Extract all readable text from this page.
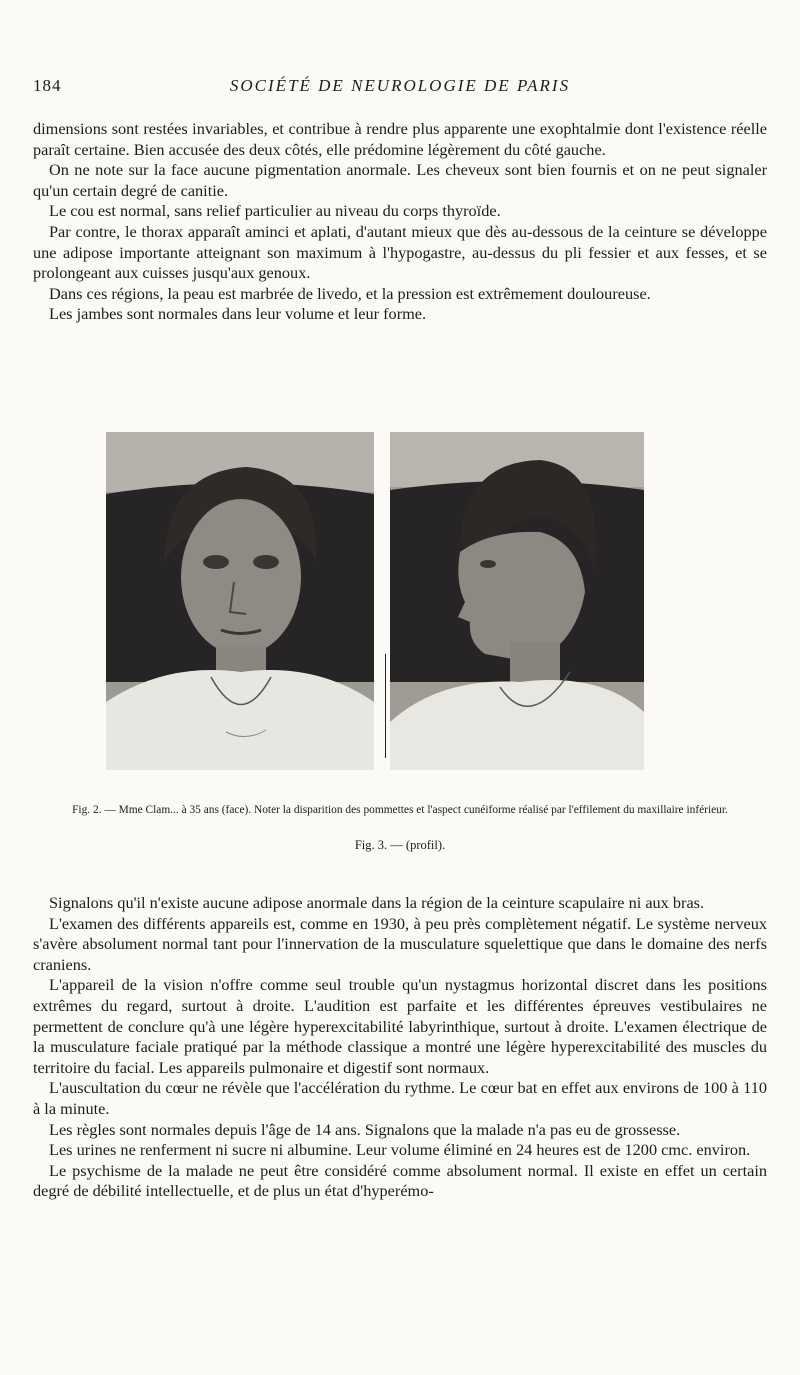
184	SOCIÉTÉ DE NEUROLOGIE DE PARIS

dimensions sont restées invariables, et contribue à rendre plus apparente une exophtalmie dont l'existence réelle paraît certaine. Bien accusée des deux côtés, elle prédomine légèrement du côté gauche.

On ne note sur la face aucune pigmentation anormale. Les cheveux sont bien fournis et on ne peut signaler qu'un certain degré de canitie.

Le cou est normal, sans relief particulier au niveau du corps thyroïde.

Par contre, le thorax apparaît aminci et aplati, d'autant mieux que dès au-dessous de la ceinture se développe une adipose importante atteignant son maximum à l'hypogastre, au-dessus du pli fessier et aux fesses, et se prolongeant aux cuisses jusqu'aux genoux.

Dans ces régions, la peau est marbrée de livedo, et la pression est extrêmement douloureuse.

Les jambes sont normales dans leur volume et leur forme.

Fig. 2. — Mme Clam... à 35 ans (face). Noter la disparition des pommettes et l'aspect cunéiforme réalisé par l'effilement du maxillaire inférieur.
Fig. 3. — (profil).

Signalons qu'il n'existe aucune adipose anormale dans la région de la ceinture scapulaire ni aux bras.

L'examen des différents appareils est, comme en 1930, à peu près complètement négatif. Le système nerveux s'avère absolument normal tant pour l'innervation de la musculature squelettique que dans le domaine des nerfs craniens.

L'appareil de la vision n'offre comme seul trouble qu'un nystagmus horizontal discret dans les positions extrêmes du regard, surtout à droite. L'audition est parfaite et les différentes épreuves vestibulaires ne permettent de conclure qu'à une légère hyperexcitabilité labyrinthique, surtout à droite. L'examen électrique de la musculature faciale pratiqué par la méthode classique a montré une légère hyperexcitabilité des muscles du territoire du facial. Les appareils pulmonaire et digestif sont normaux.

L'auscultation du cœur ne révèle que l'accélération du rythme. Le cœur bat en effet aux environs de 100 à 110 à la minute.

Les règles sont normales depuis l'âge de 14 ans. Signalons que la malade n'a pas eu de grossesse.

Les urines ne renferment ni sucre ni albumine. Leur volume éliminé en 24 heures est de 1200 cmc. environ.

Le psychisme de la malade ne peut être considéré comme absolument normal. Il existe en effet un certain degré de débilité intellectuelle, et de plus un état d'hyperémo-
